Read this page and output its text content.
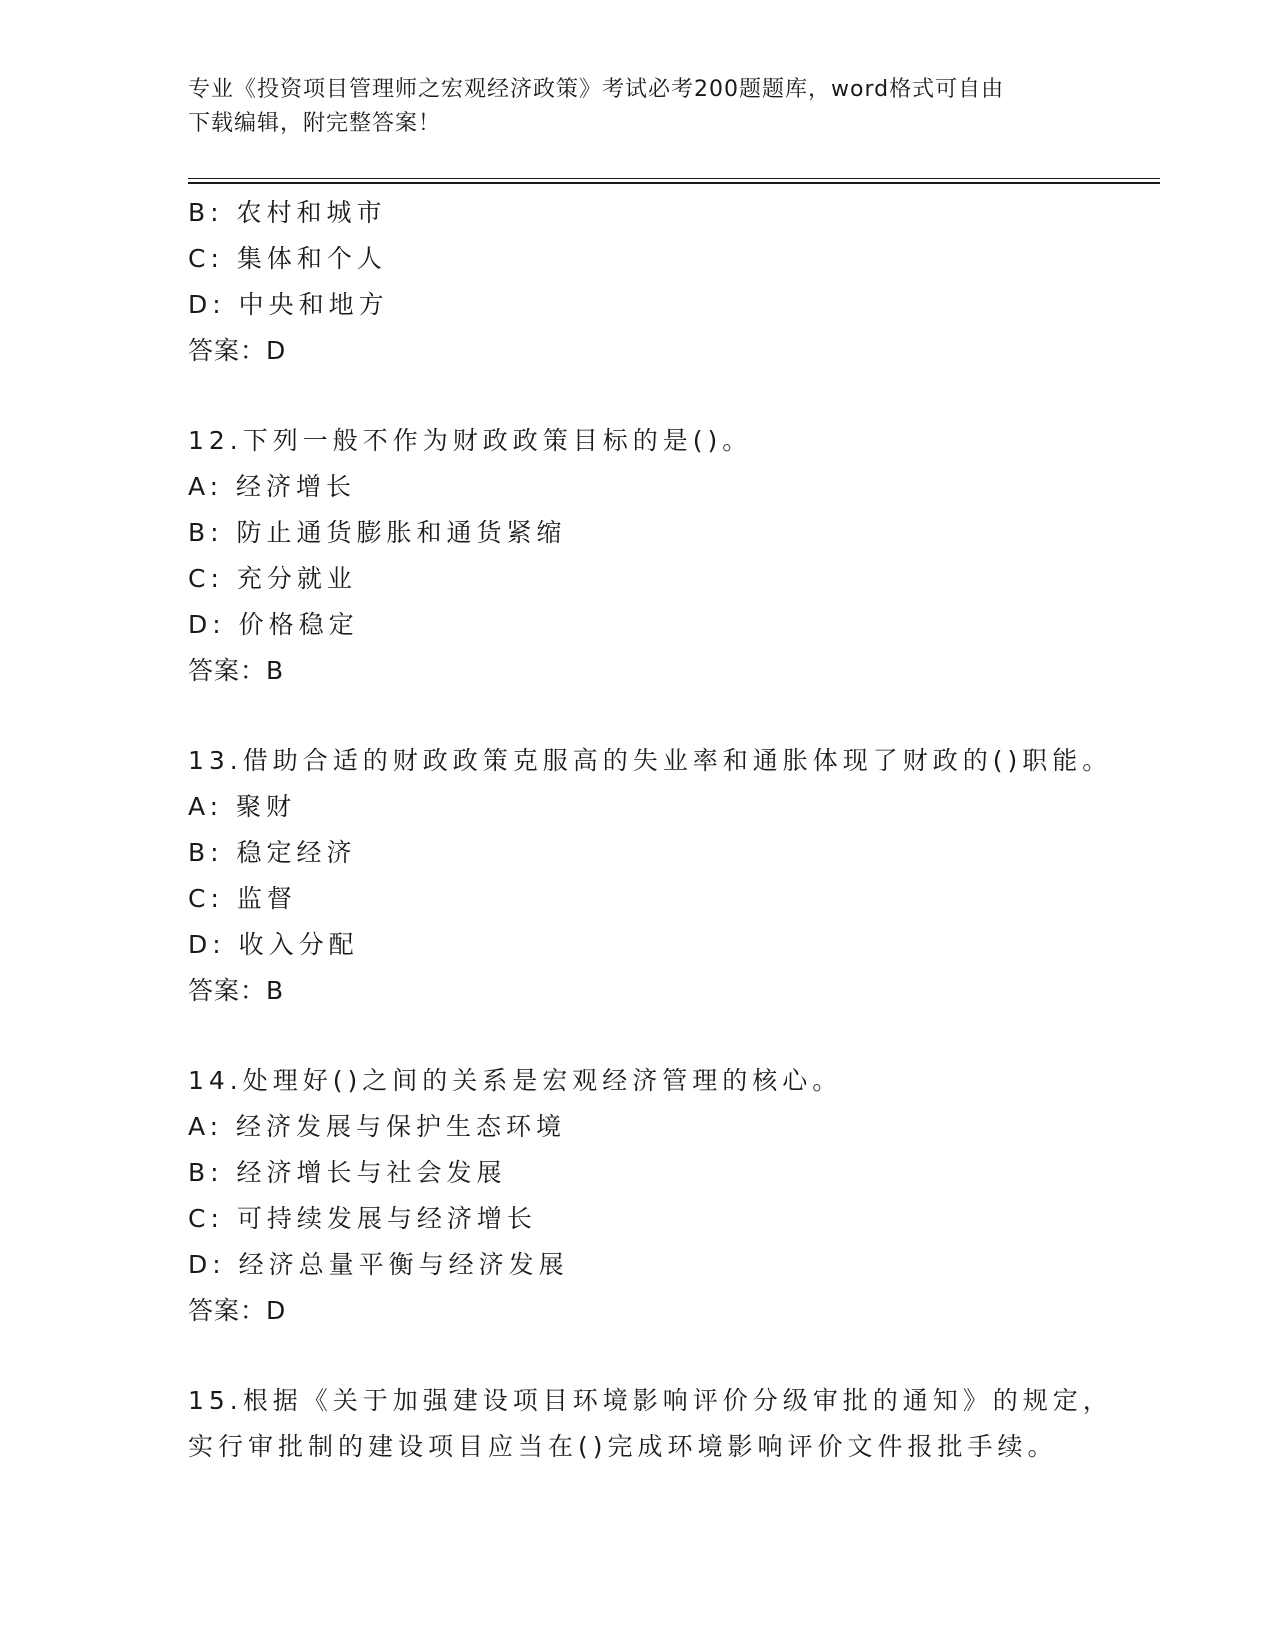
专业《投资项目管理师之宏观经济政策》考试必考200题题库，word格式可自由
下载编辑，附完整答案！
B: 农村和城市
C: 集体和个人
D: 中央和地方
答案：D
12.下列一般不作为财政政策目标的是()。
A: 经济增长
B: 防止通货膨胀和通货紧缩
C: 充分就业
D: 价格稳定
答案：B
13.借助合适的财政政策克服高的失业率和通胀体现了财政的()职能。
A: 聚财
B: 稳定经济
C: 监督
D: 收入分配
答案：B
14.处理好()之间的关系是宏观经济管理的核心。
A: 经济发展与保护生态环境
B: 经济增长与社会发展
C: 可持续发展与经济增长
D: 经济总量平衡与经济发展
答案：D
15.根据《关于加强建设项目环境影响评价分级审批的通知》的规定，
实行审批制的建设项目应当在()完成环境影响评价文件报批手续。
